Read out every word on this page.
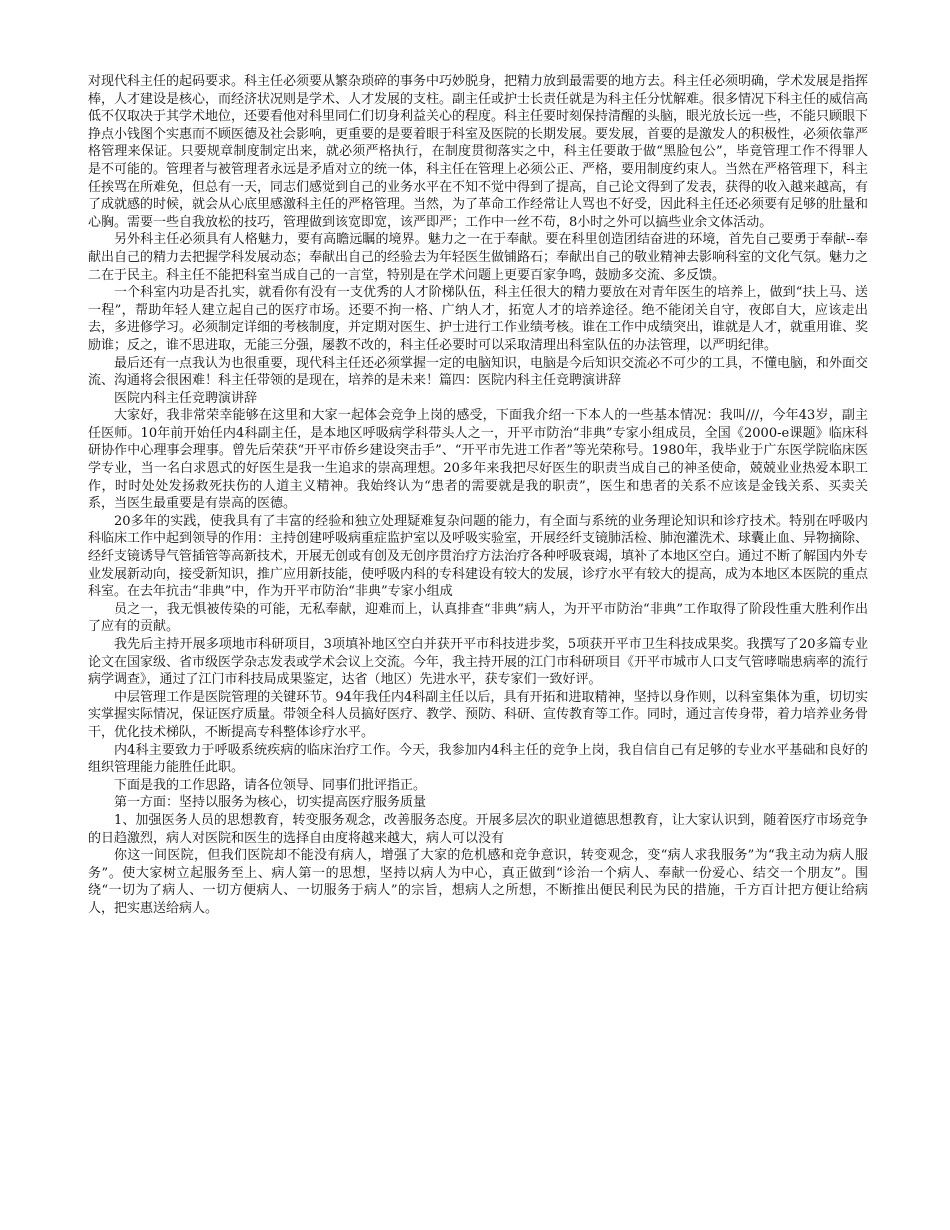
对现代科主任的起码要求。科主任必须要从繁杂琐碎的事务中巧妙脱身，把精力放到最需要的地方去。科主任必须明确，学术发展是指挥棒，人才建设是核心，而经济状况则是学术、人才发展的支柱。副主任或护士长责任就是为科主任分忧解难。很多情况下科主任的威信高低不仅取决于其学术地位，还要看他对科里同仁们切身利益关心的程度。科主任要时刻保持清醒的头脑，眼光放长远一些，不能只顾眼下挣点小钱图个实惠而不顾医德及社会影响，更重要的是要着眼于科室及医院的长期发展。要发展，首要的是激发人的积极性，必须依靠严格管理来保证。只要规章制度制定出来，就必须严格执行，在制度贯彻落实之中，科主任要敢于做“黑脸包公”，毕竟管理工作不得罪人是不可能的。管理者与被管理者永远是矛盾对立的统一体，科主任在管理上必须公正、严格，要用制度约束人。当然在严格管理下，科主任挨骂在所难免，但总有一天，同志们感觉到自己的业务水平在不知不觉中得到了提高，自己论文得到了发表，获得的收入越来越高，有了成就感的时候，就会从心底里感激科主任的严格管理。当然，为了革命工作经常让人骂也不好受，因此科主任还必须要有足够的肚量和心胸。需要一些自我放松的技巧，管理做到该宽即宽，该严即严；工作中一丝不苟，8小时之外可以搞些业余文体活动。

另外科主任必须具有人格魅力，要有高瞻远瞩的境界。魅力之一在于奉献。要在科里创造团结奋进的环境，首先自己要勇于奉献--奉献出自己的精力去把握学科发展动态；奉献出自己的经验去为年轻医生做铺路石；奉献出自己的敬业精神去影响科室的文化气氛。魅力之二在于民主。科主任不能把科室当成自己的一言堂，特别是在学术问题上更要百家争鸣，鼓励多交流、多反馈。

一个科室内功是否扎实，就看你有没有一支优秀的人才阶梯队伍，科主任很大的精力要放在对青年医生的培养上，做到“扶上马、送一程”，帮助年轻人建立起自己的医疗市场。还要不拘一格、广纳人才，拓宽人才的培养途径。绝不能闭关自守，夜郎自大，应该走出去，多进修学习。必须制定详细的考核制度，并定期对医生、护士进行工作业绩考核。谁在工作中成绩突出，谁就是人才，就重用谁、奖励谁；反之，谁不思进取，无能三分强，屡教不改的，科主任必要时可以采取清理出科室队伍的办法管理，以严明纪律。

最后还有一点我认为也很重要，现代科主任还必须掌握一定的电脑知识，电脑是今后知识交流必不可少的工具，不懂电脑，和外面交流、沟通将会很困难！科主任带领的是现在，培养的是未来！篇四：医院内科主任竞聘演讲辞

医院内科主任竞聘演讲辞

大家好，我非常荣幸能够在这里和大家一起体会竞争上岗的感受，下面我介绍一下本人的一些基本情况：我叫///，今年43岁，副主任医师。10年前开始任内4科副主任，是本地区呼吸病学科带头人之一，开平市防治“非典”专家小组成员，全国《2000-e课题》临床科研协作中心理事会理事。曾先后荣获“开平市侨乡建设突击手”、“开平市先进工作者”等光荣称号。1980年，我毕业于广东医学院临床医学专业，当一名白求恩式的好医生是我一生追求的崇高理想。20多年来我把尽好医生的职责当成自己的神圣使命，兢兢业业热爱本职工作，时时处处发扬救死扶伤的人道主义精神。我始终认为“患者的需要就是我的职责”，医生和患者的关系不应该是金钱关系、买卖关系，当医生最重要是有崇高的医德。

20多年的实践，使我具有了丰富的经验和独立处理疑难复杂问题的能力，有全面与系统的业务理论知识和诊疗技术。特别在呼吸内科临床工作中起到领导的作用：主持创建呼吸病重症监护室以及呼吸实验室，开展经纤支镜肺活检、肺泡灌洗术、球囊止血、异物摘除、经纤支镜诱导气管插管等高新技术，开展无创或有创及无创序贯治疗方法治疗各种呼吸衰竭，填补了本地区空白。通过不断了解国内外专业发展新动向，接受新知识，推广应用新技能，使呼吸内科的专科建设有较大的发展，诊疗水平有较大的提高，成为本地区本医院的重点科室。在去年抗击“非典”中，作为开平市防治“非典”专家小组成

员之一，我无惧被传染的可能，无私奉献，迎难而上，认真排查“非典”病人，为开平市防治“非典”工作取得了阶段性重大胜利作出了应有的贡献。

我先后主持开展多项地市科研项目，3项填补地区空白并获开平市科技进步奖，5项获开平市卫生科技成果奖。我撰写了20多篇专业论文在国家级、省市级医学杂志发表或学术会议上交流。今年，我主持开展的江门市科研项目《开平市城市人口支气管哮喘患病率的流行病学调查》，通过了江门市科技局成果鉴定，达省（地区）先进水平，获专家们一致好评。

中层管理工作是医院管理的关键环节。94年我任内4科副主任以后，具有开拓和进取精神，坚持以身作则，以科室集体为重，切切实实掌握实际情况，保证医疗质量。带领全科人员搞好医疗、教学、预防、科研、宣传教育等工作。同时，通过言传身带，着力培养业务骨干，优化技术梯队，不断提高专科整体诊疗水平。

内4科主要致力于呼吸系统疾病的临床治疗工作。今天，我参加内4科主任的竞争上岗，我自信自己有足够的专业水平基础和良好的组织管理能力能胜任此职。

下面是我的工作思路，请各位领导、同事们批评指正。

第一方面：坚持以服务为核心，切实提高医疗服务质量

1、加强医务人员的思想教育，转变服务观念，改善服务态度。开展多层次的职业道德思想教育，让大家认识到，随着医疗市场竞争的日趋激烈，病人对医院和医生的选择自由度将越来越大，病人可以没有

你这一间医院，但我们医院却不能没有病人，增强了大家的危机感和竞争意识，转变观念，变“病人求我服务”为“我主动为病人服务”。使大家树立起服务至上、病人第一的思想，坚持以病人为中心，真正做到“诊治一个病人、奉献一份爱心、结交一个朋友”。围绕“一切为了病人、一切方便病人、一切服务于病人”的宗旨，想病人之所想，不断推出便民利民为民的措施，千方百计把方便让给病人，把实惠送给病人。
